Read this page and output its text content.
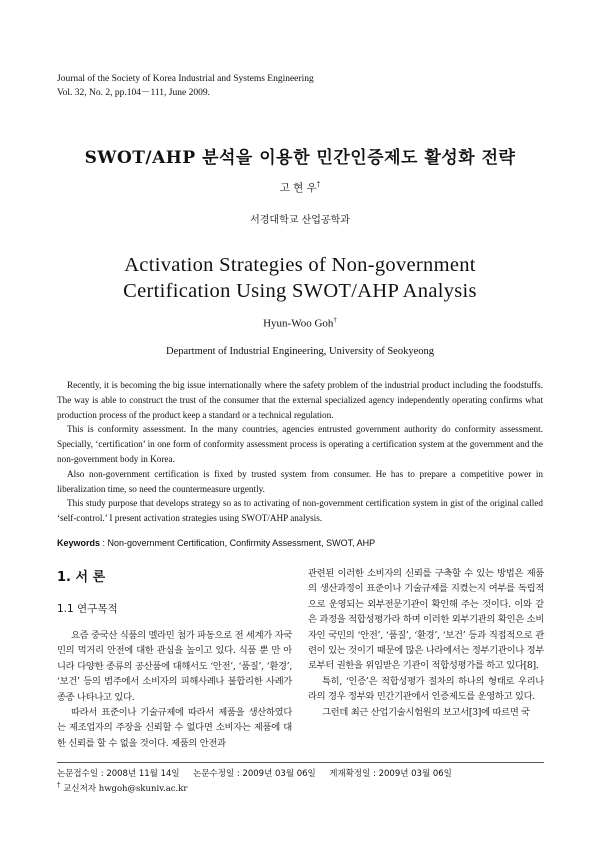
Journal of the Society of Korea Industrial and Systems Engineering
Vol. 32, No. 2, pp.104－111, June 2009.
SWOT/AHP 분석을 이용한 민간인증제도 활성화 전략
고 현 우†
서경대학교 산업공학과
Activation Strategies of Non-government
Certification Using SWOT/AHP Analysis
Hyun-Woo Goh†
Department of Industrial Engineering, University of Seokyeong

Recently, it is becoming the big issue internationally where the safety problem of the industrial product including the foodstuffs. The way is able to construct the trust of the consumer that the external specialized agency independently operating confirms what production process of the product keep a standard or a technical regulation.

This is conformity assessment. In the many countries, agencies entrusted government authority do conformity assessment. Specially, ‘certification’ in one form of conformity assessment process is operating a certification system at the government and the non-government body in Korea.

Also non-government certification is fixed by trusted system from consumer. He has to prepare a competitive power in liberalization time, so need the countermeasure urgently.

This study purpose that develops strategy so as to activating of non-government certification system in gist of the original called ‘self-control.’ I present activation strategies using SWOT/AHP analysis.

Keywords : Non-government Certification, Confirmity Assessment, SWOT, AHP
1. 서 론
1.1 연구목적

요즘 중국산 식품의 멜라민 첨가 파동으로 전 세계가 자국민의 먹거리 안전에 대한 관심을 높이고 있다. 식품 뿐 만 아니라 다양한 종류의 공산품에 대해서도 ‘안전’, ‘품질’, ‘환경’, ‘보건’ 등의 범주에서 소비자의 피해사례나 불합리한 사례가 종종 나타나고 있다.

따라서 표준이나 기술규제에 따라서 제품을 생산하였다는 제조업자의 주장을 신뢰할 수 없다면 소비자는 제품에 대한 신뢰를 할 수 없을 것이다. 제품의 안전과

관련된 이러한 소비자의 신뢰를 구축할 수 있는 방법은 제품의 생산과정이 표준이나 기술규제를 지켰는지 여부를 독립적으로 운영되는 외부전문기관이 확인해 주는 것이다. 이와 같은 과정을 적합성평가라 하며 이러한 외부기관의 확인은 소비자인 국민의 ‘안전’, ‘품질’, ‘환경’, ‘보건’ 등과 직접적으로 관련이 있는 것이기 때문에 많은 나라에서는 정부기관이나 정부로부터 권한을 위임받은 기관이 적합성평가를 하고 있다[8].

특히, ‘인증’은 적합성평가 절차의 하나의 형태로 우리나라의 경우 정부와 민간기관에서 인증제도를 운영하고 있다.

그런데 최근 산업기술시험원의 보고서[3]에 따르면 국

논문접수일 : 2008년 11월 14일     논문수정일 : 2009년 03월 06일     게재확정일 : 2009년 03월 06일
† 교신저자 hwgoh@skuniv.ac.kr
